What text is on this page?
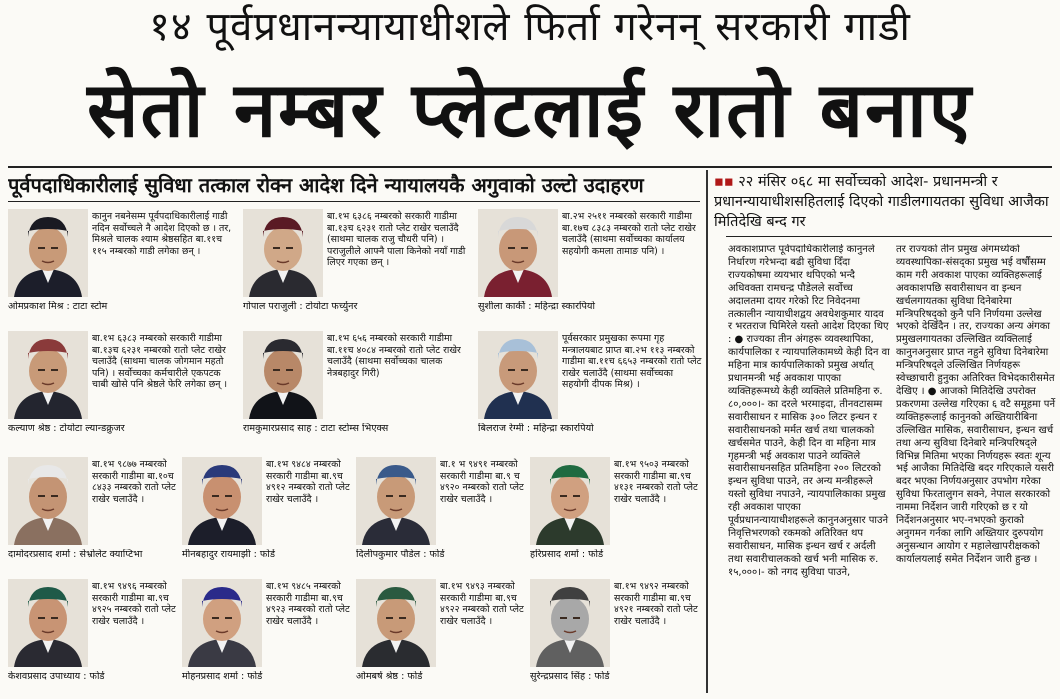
१४ पूर्वप्रधानन्यायाधीशले फिर्ता गरेनन् सरकारी गाडी
सेतो नम्बर प्लेटलाई रातो बनाए
पूर्वपदाधिकारीलाई सुविधा तत्काल रोक्न आदेश दिने न्यायालयकै अगुवाको उल्टो उदाहरण
कानुन नबनेसम्म पूर्वपदाधिकारीलाई गाडी नदिन सर्वोच्चले नै आदेश दिएको छ । तर, मिश्रले चालक श्याम श्रेष्ठसहित बा.११च ११५ नम्बरको गाडी लगेका छन् ।
ओमप्रकाश मिश्र : टाटा स्टोम
बा.१भ ६३८६ नम्बरको सरकारी गाडीमा बा.१३च ६२३१ रातो प्लेट राखेर चलाउँदै (साथमा चालक राजु चौधरी पनि) । पराजुलीले आफ्नै पाला किनेको नयाँ गाडी लिएर गएका छन् ।
गोपाल पराजुली : टोयोटा फर्च्युनर
बा.२भ २५११ नम्बरको सरकारी गाडीमा बा.१७च ८३८३ नम्बरको रातो प्लेट राखेर चलाउँदै (साथमा सर्वोच्चका कार्यालय सहयोगी कमला तामाङ पनि) ।
सुशीला कार्की : महिन्द्रा स्कारपियो
बा.१भ ६३८३ नम्बरको सरकारी गाडीमा बा.१३च ६२३१ नम्बरको रातो प्लेट राखेर चलाउँदै (साथमा चालक जोगमान महतो पनि) । सर्वोच्चका कर्मचारीले एकपटक चाबी खोसे पनि श्रेष्ठले फेरि लगेका छन् ।
कल्याण श्रेष्ठ : टोयोटा ल्यान्डक्रुजर
बा.१भ ६५६ नम्बरको सरकारी गाडीमा बा.११च ४०८४ नम्बरको रातो प्लेट राखेर चलाउँदै (साथमा सर्वोच्चका चालक नेत्रबहादुर गिरी)
रामकुमारप्रसाद साह : टाटा स्टोम्स भिएक्स
पूर्वसरकार प्रमुखका रूपमा गृह मन्त्रालयबाट प्राप्त बा.२भ ११३ नम्बरको गाडीमा बा.११च ६६५३ नम्बरको रातो प्लेट राखेर चलाउँदै (साथमा सर्वोच्चका सहयोगी दीपक मिश्र) ।
बिलराज रेग्मी : महिन्द्रा स्कारपियो
बा.१भ ९८७७ नम्बरको सरकारी गाडीमा बा.१०च ८४३३ नम्बरको रातो प्लेट राखेर चलाउँदै ।
दामोदरप्रसाद शर्मा : सेभ्रोलेट क्याप्टिभा
बा.१भ ९४८४ नम्बरको सरकारी गाडीमा बा.९च ४९१२ नम्बरको रातो प्लेट राखेर चलाउँदै ।
मीनबहादुर रायमाझी : फोर्ड
बा.१ भ ९४९१ नम्बरको सरकारी गाडीमा बा.९ च ४९२० नम्बरको रातो प्लेट राखेर चलाउँदै ।
दिलीपकुमार पौडेल : फोर्ड
बा.१भ ९५०३ नम्बरको सरकारी गाडीमा बा.९च ४१३१ नम्बरको रातो प्लेट राखेर चलाउँदै ।
हरिप्रसाद शर्मा : फोर्ड
बा.१भ ९४९६ नम्बरको सरकारी गाडीमा बा.९च ४९२५ नम्बरको रातो प्लेट राखेर चलाउँदै ।
केशवप्रसाद उपाध्याय : फोर्ड
बा.१भ ९४८५ नम्बरको सरकारी गाडीमा बा.९च ४९२३ नम्बरको रातो प्लेट राखेर चलाउँदै ।
मोहनप्रसाद शर्मा : फोर्ड
बा.१भ ९४९३ नम्बरको सरकारी गाडीमा बा.९च ४९२२ नम्बरको रातो प्लेट राखेर चलाउँदै ।
ओमबर्ष श्रेष्ठ : फोर्ड
बा.१भ ९४९२ नम्बरको सरकारी गाडीमा बा.९च ४९२१ नम्बरको रातो प्लेट राखेर चलाउँदै ।
सुरेन्द्रप्रसाद सिंह : फोर्ड
▪▪ २२ मंसिर ०६८ मा सर्वोच्चको आदेश- प्रधानमन्त्री र प्रधानन्यायाधीशसहितलाई दिएको गाडीलगायतका सुविधा आजैका मितिदेखि बन्द गर
अवकाशप्राप्त पूर्वपदाधिकारीलाई कानुनले निर्धारण गरेभन्दा बढी सुविधा दिँदा राज्यकोषमा व्ययभार थपिएको भन्दै अधिवक्ता रामचन्द्र पौडेलले सर्वोच्च अदालतमा दायर गरेको रिट निवेदनमा तत्कालीन न्यायाधीशद्वय अवधेशकुमार यादव र भरतराज घिमिरेले यस्तो आदेश दिएका थिए : ● राज्यका तीन अंगहरू व्यवस्थापिका, कार्यपालिका र न्यायपालिकामध्ये केही दिन वा महिना मात्र कार्यपालिकाको प्रमुख अर्थात् प्रधानमन्त्री भई अवकाश पाएका व्यक्तिहरूमध्ये केही व्यक्तिले प्रतिमहिना रु. ८०,०००।- का दरले भरमाइदा, तीनवटासम्म सवारीसाधन र मासिक ३०० लिटर इन्धन र सवारीसाधनको मर्मत खर्च तथा चालकको खर्चसमेत पाउने, केही दिन वा महिना मात्र गृहमन्त्री भई अवकाश पाउने व्यक्तिले सवारीसाधनसहित प्रतिमहिना २०० लिटरको इन्धन सुविधा पाउने, तर अन्य मन्त्रीहरूले यस्तो सुविधा नपाउने, न्यायपालिकाका प्रमुख रही अवकाश पाएका पूर्वप्रधानन्यायाधीशहरूले कानुनअनुसार पाउने निवृत्तिभरणको रकमको अतिरिक्त थप सवारीसाधन, मासिक इन्धन खर्च र अर्दली तथा सवारीचालकको खर्च भनी मासिक रु. १५,०००।- को नगद सुविधा पाउने,
तर राज्यको तीन प्रमुख अंगमध्येको व्यवस्थापिका-संसद्का प्रमुख भई वर्षौंसम्म काम गरी अवकाश पाएका व्यक्तिहरूलाई अवकाशपछि सवारीसाधन वा इन्धन खर्चलगायतका सुविधा दिनेबारेमा मन्त्रिपरिषद्को कुनै पनि निर्णयमा उल्लेख भएको देखिँदैन । तर, राज्यका अन्य अंगका प्रमुखलगायतका उल्लिखित व्यक्तिलाई कानुनअनुसार प्राप्त नहुने सुविधा दिनेबारेमा मन्त्रिपरिषद्ले उल्लिखित निर्णयहरू स्वेच्छाचारी हुनुका अतिरिक्त विभेदकारीसमेत देखिए । ● आजको मितिदेखि उपरोक्त प्रकरणमा उल्लेख गरिएका ६ वटै समूहमा पर्ने व्यक्तिहरूलाई कानुनको अख्तियारीबिना उल्लिखित मासिक, सवारीसाधन, इन्धन खर्च तथा अन्य सुविधा दिनेबारे मन्त्रिपरिषद्ले विभिन्न मितिमा भएका निर्णयहरू स्वतः शून्य भई आजैका मितिदेखि बदर गरिएकाले यसरी बदर भएका निर्णयअनुसार उपभोग गरेका सुविधा फिरतालुगन सक्ने, नेपाल सरकारको नाममा निर्देशन जारी गरिएको छ र यो निर्देशनअनुसार भए-नभएको कुराको अनुगमन गर्नका लागि अख्तियार दुरुपयोग अनुसन्धान आयोग र महालेखापरीक्षकको कार्यालयलाई समेत निर्देशन जारी हुन्छ ।
